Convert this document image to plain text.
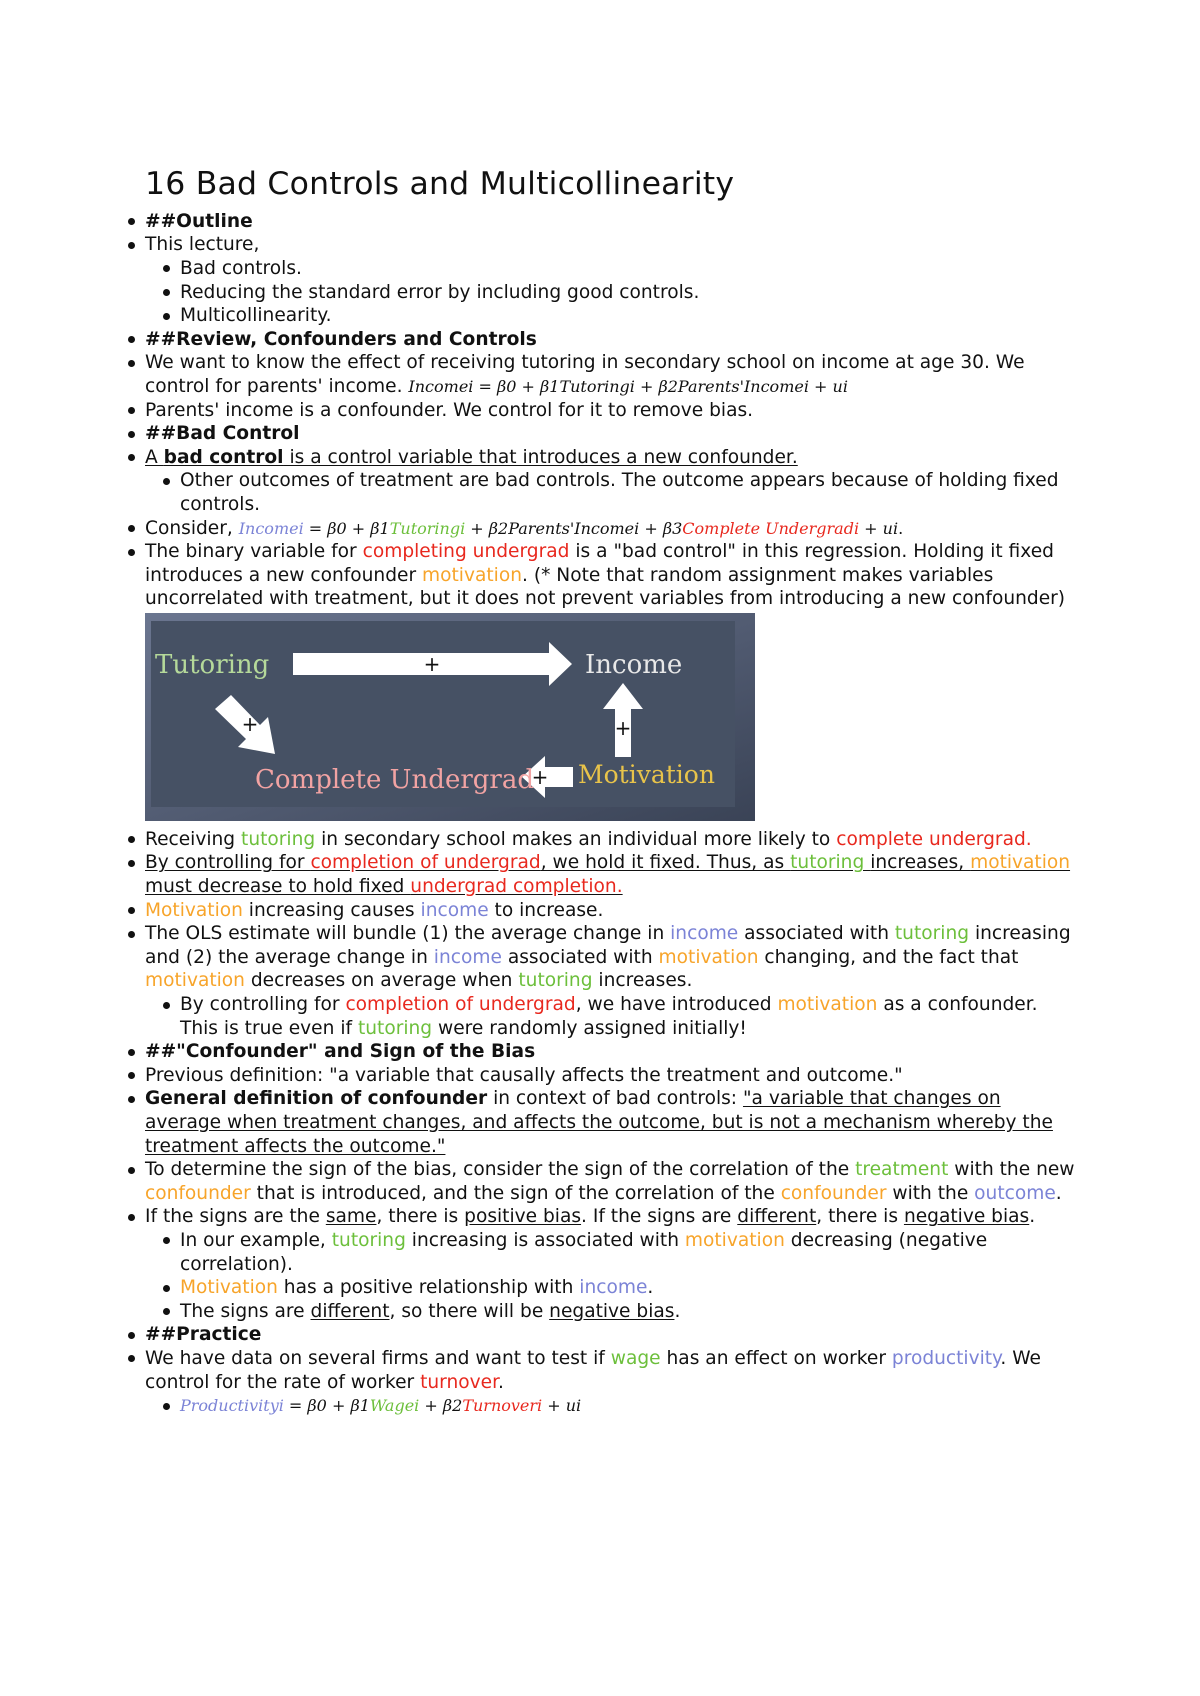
16 Bad Controls and Multicollinearity
##Outline
This lecture,
Bad controls.
Reducing the standard error by including good controls.
Multicollinearity.
##Review, Confounders and Controls
We want to know the effect of receiving tutoring in secondary school on income at age 30. We control for parents' income. Incomei = β0 + β1Tutoringi + β2Parents'Incomei + ui
Parents' income is a confounder. We control for it to remove bias.
##Bad Control
A bad control is a control variable that introduces a new confounder.
Other outcomes of treatment are bad controls. The outcome appears because of holding fixed controls.
Consider, Incomei = β0 + β1Tutoringi + β2Parents'Incomei + β3Complete Undergradi + ui.
The binary variable for completing undergrad is a "bad control" in this regression. Holding it fixed introduces a new confounder motivation. (* Note that random assignment makes variables uncorrelated with treatment, but it does not prevent variables from introducing a new confounder)
Tutoring	Income
Complete Undergrad Motivation
+
+	+
+
Receiving tutoring in secondary school makes an individual more likely to complete undergrad.
By controlling for completion of undergrad, we hold it fixed. Thus, as tutoring increases, motivation must decrease to hold fixed undergrad completion.
Motivation increasing causes income to increase.
The OLS estimate will bundle (1) the average change in income associated with tutoring increasing and (2) the average change in income associated with motivation changing, and the fact that motivation decreases on average when tutoring increases.
By controlling for completion of undergrad, we have introduced motivation as a confounder. This is true even if tutoring were randomly assigned initially!
##"Confounder" and Sign of the Bias
Previous definition: "a variable that causally affects the treatment and outcome."
General definition of confounder in context of bad controls: "a variable that changes on average when treatment changes, and affects the outcome, but is not a mechanism whereby the treatment affects the outcome."
To determine the sign of the bias, consider the sign of the correlation of the treatment with the new confounder that is introduced, and the sign of the correlation of the confounder with the outcome.
If the signs are the same, there is positive bias. If the signs are different, there is negative bias.
In our example, tutoring increasing is associated with motivation decreasing (negative correlation).
Motivation has a positive relationship with income.
The signs are different, so there will be negative bias.
##Practice
We have data on several firms and want to test if wage has an effect on worker productivity. We control for the rate of worker turnover.
Productivityi = β0 + β1Wagei + β2Turnoveri + ui
